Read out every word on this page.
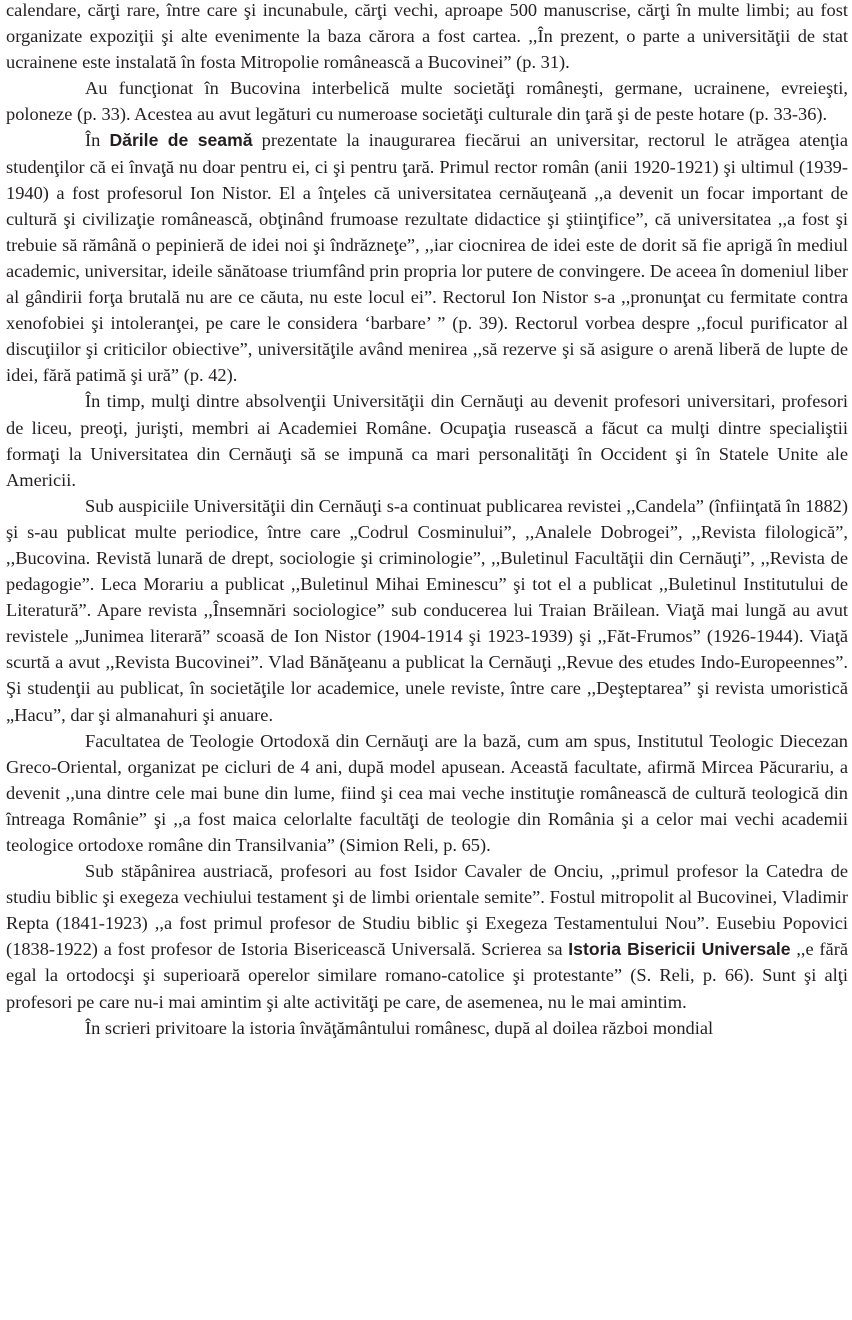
calendare, cărţi rare, între care şi incunabule, cărţi vechi, aproape 500 manuscrise, cărţi în multe limbi; au fost organizate expoziţii şi alte evenimente la baza cărora a fost cartea. ,,În prezent, o parte a universităţii de stat ucrainene este instalată în fosta Mitropolie românească a Bucovinei” (p. 31).

Au funcţionat în Bucovina interbelică multe societăţi româneşti, germane, ucrainene, evreieşti, poloneze (p. 33). Acestea au avut legături cu numeroase societăţi culturale din ţară şi de peste hotare (p. 33-36).

În Dările de seamă prezentate la inaugurarea fiecărui an universitar, rectorul le atrăgea atenţia studenţilor că ei învaţă nu doar pentru ei, ci şi pentru ţară. Primul rector român (anii 1920-1921) şi ultimul (1939-1940) a fost profesorul Ion Nistor. El a înţeles că universitatea cernăuţeană ,,a devenit un focar important de cultură şi civilizaţie românească, obţinând frumoase rezultate didactice şi ştiinţifice”, că universitatea ,,a fost şi trebuie să rămână o pepinieră de idei noi şi îndrăzneţe”, ,,iar ciocnirea de idei este de dorit să fie aprigă în mediul academic, universitar, ideile sănătoase triumfând prin propria lor putere de convingere. De aceea în domeniul liber al gândirii forţa brutală nu are ce căuta, nu este locul ei”. Rectorul Ion Nistor s-a ,,pronunţat cu fermitate contra xenofobiei şi intoleranţei, pe care le considera ‘barbare’ ” (p. 39). Rectorul vorbea despre ,,focul purificator al discuţiilor şi criticilor obiective”, universităţile având menirea ,,să rezerve şi să asigure o arenă liberă de lupte de idei, fără patimă şi ură” (p. 42).

În timp, mulţi dintre absolvenţii Universităţii din Cernăuţi au devenit profesori universitari, profesori de liceu, preoţi, jurişti, membri ai Academiei Române. Ocupaţia rusească a făcut ca mulţi dintre specialiştii formaţi la Universitatea din Cernăuţi să se impună ca mari personalităţi în Occident şi în Statele Unite ale Americii.

Sub auspiciile Universităţii din Cernăuţi s-a continuat publicarea revistei ,,Candela” (înfiinţată în 1882) şi s-au publicat multe periodice, între care „Codrul Cosminului”, ,,Analele Dobrogei”, ,,Revista filologică”, ,,Bucovina. Revistă lunară de drept, sociologie şi criminologie”, ,,Buletinul Facultăţii din Cernăuţi”, ,,Revista de pedagogie”. Leca Morariu a publicat ,,Buletinul Mihai Eminescu” şi tot el a publicat ,,Buletinul Institutului de Literatură”. Apare revista ,,Însemnări sociologice” sub conducerea lui Traian Brăilean. Viaţă mai lungă au avut revistele „Junimea literară” scoasă de Ion Nistor (1904-1914 şi 1923-1939) şi ,,Făt-Frumos” (1926-1944). Viaţă scurtă a avut ,,Revista Bucovinei”. Vlad Bănăţeanu a publicat la Cernăuţi ,,Revue des etudes Indo-Europeennes”. Şi studenţii au publicat, în societăţile lor academice, unele reviste, între care ,,Deşteptarea” şi revista umoristică „Hacu”, dar şi almanahuri şi anuare.

Facultatea de Teologie Ortodoxă din Cernăuţi are la bază, cum am spus, Institutul Teologic Diecezan Greco-Oriental, organizat pe cicluri de 4 ani, după model apusean. Această facultate, afirmă Mircea Păcurariu, a devenit ,,una dintre cele mai bune din lume, fiind şi cea mai veche instituţie românească de cultură teologică din întreaga Românie” şi ,,a fost maica celorlalte facultăţi de teologie din România şi a celor mai vechi academii teologice ortodoxe române din Transilvania” (Simion Reli, p. 65).

Sub stăpânirea austriacă, profesori au fost Isidor Cavaler de Onciu, ,,primul profesor la Catedra de studiu biblic şi exegeza vechiului testament şi de limbi orientale semite”. Fostul mitropolit al Bucovinei, Vladimir Repta (1841-1923) ,,a fost primul profesor de Studiu biblic şi Exegeza Testamentului Nou”. Eusebiu Popovici (1838-1922) a fost profesor de Istoria Bisericească Universală. Scrierea sa Istoria Bisericii Universale ,,e fără egal la ortodocşi şi superioară operelor similare romano-catolice şi protestante” (S. Reli, p. 66). Sunt şi alţi profesori pe care nu-i mai amintim şi alte activităţi pe care, de asemenea, nu le mai amintim.

În scrieri privitoare la istoria învăţământului românesc, după al doilea război mondial
